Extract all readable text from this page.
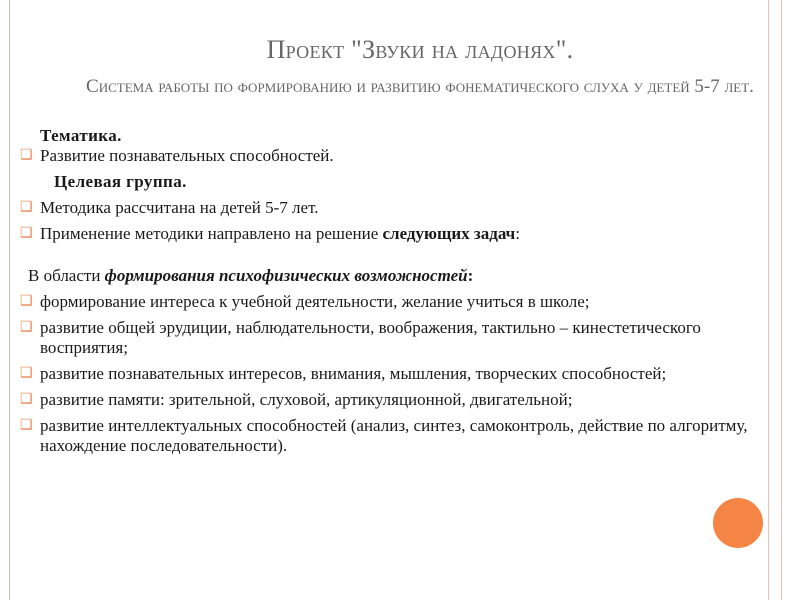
Проект "Звуки на ладонях".
Система работы по формированию и развитию фонематического слуха у детей 5-7 лет.
Тематика.
❑ Развитие познавательных способностей.
Целевая группа.
❑ Методика рассчитана на детей 5-7 лет.
❑ Применение методики направлено на решение следующих задач:
В области формирования психофизических возможностей:
❑ формирование интереса к учебной деятельности, желание учиться в школе;
❑ развитие общей эрудиции, наблюдательности, воображения, тактильно – кинестетического восприятия;
❑ развитие познавательных интересов, внимания, мышления, творческих способностей;
❑ развитие памяти: зрительной, слуховой, артикуляционной, двигательной;
❑ развитие интеллектуальных способностей (анализ, синтез, самоконтроль, действие по алгоритму, нахождение последовательности).
